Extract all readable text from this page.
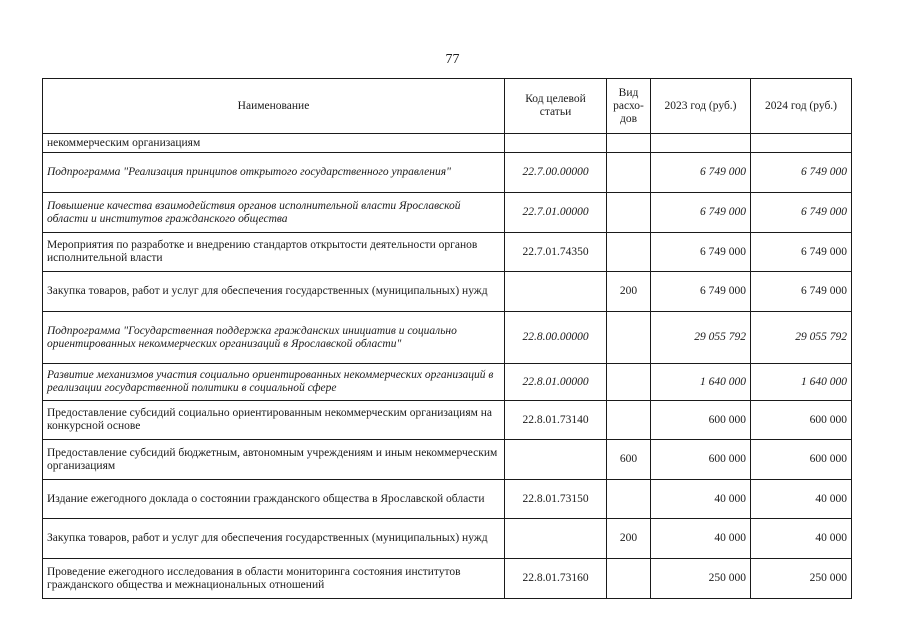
77
Наименование	Код целевой статьи	Вид расхо-дов	2023 год (руб.)	2024 год (руб.)
некоммерческим организациям				
Подпрограмма "Реализация принципов открытого государственного управления"	22.7.00.00000		6 749 000	6 749 000
Повышение качества взаимодействия органов исполнительной власти Ярославской области и институтов гражданского общества	22.7.01.00000		6 749 000	6 749 000
Мероприятия по разработке и внедрению стандартов открытости деятельности органов исполнительной власти	22.7.01.74350		6 749 000	6 749 000
Закупка товаров, работ и услуг для обеспечения государственных (муниципальных) нужд		200	6 749 000	6 749 000
Подпрограмма "Государственная поддержка гражданских инициатив и социально ориентированных некоммерческих организаций в Ярославской области"	22.8.00.00000		29 055 792	29 055 792
Развитие механизмов участия социально ориентированных некоммерческих организаций в реализации государственной политики в социальной сфере	22.8.01.00000		1 640 000	1 640 000
Предоставление субсидий социально ориентированным некоммерческим организациям на конкурсной основе	22.8.01.73140		600 000	600 000
Предоставление субсидий бюджетным, автономным учреждениям и иным некоммерческим организациям		600	600 000	600 000
Издание ежегодного доклада о состоянии гражданского общества в Ярославской области	22.8.01.73150		40 000	40 000
Закупка товаров, работ и услуг для обеспечения государственных (муниципальных) нужд		200	40 000	40 000
Проведение ежегодного исследования в области мониторинга состояния институтов гражданского общества и межнациональных отношений	22.8.01.73160		250 000	250 000
